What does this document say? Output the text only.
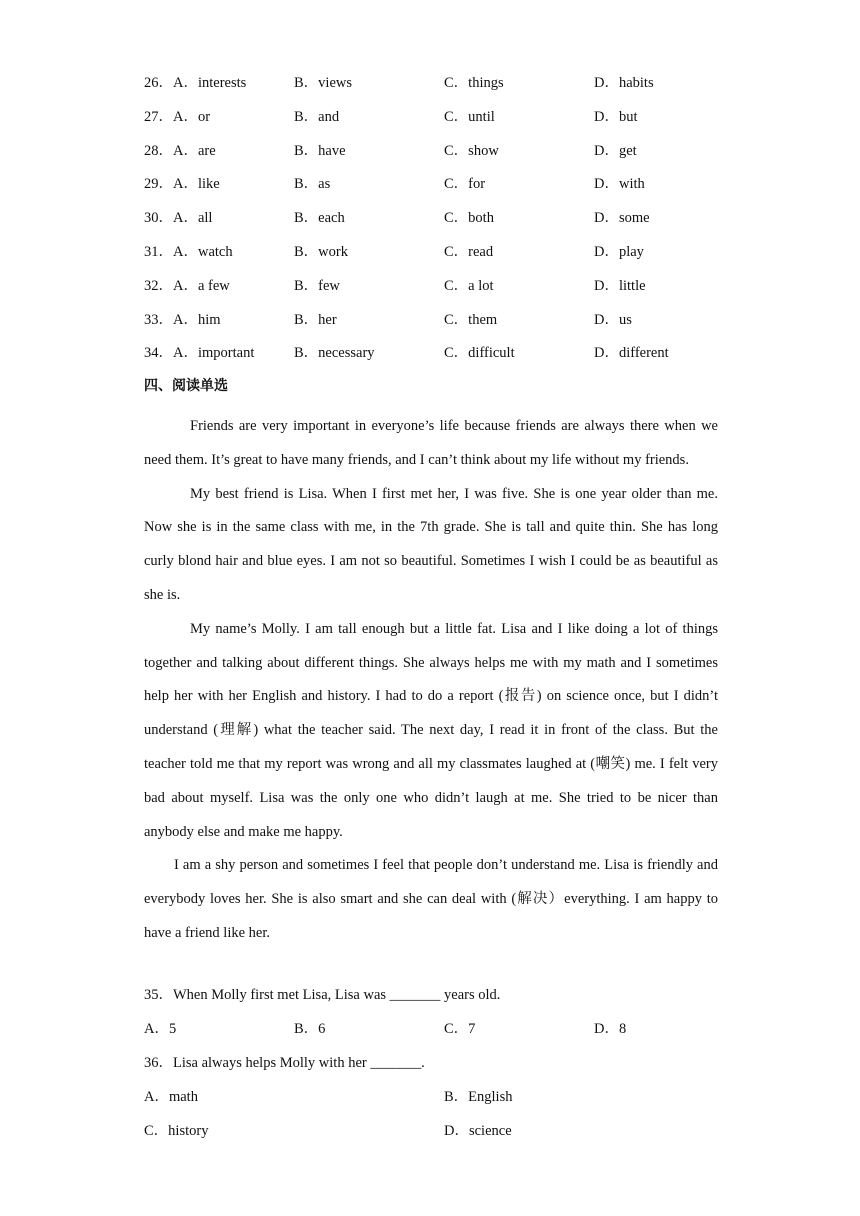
26．A．interests	B．views	C．things	D．habits
27．A．or	B．and	C．until	D．but
28．A．are	B．have	C．show	D．get
29．A．like	B．as	C．for	D．with
30．A．all	B．each	C．both	D．some
31．A．watch	B．work	C．read	D．play
32．A．a few	B．few	C．a lot	D．little
33．A．him	B．her	C．them	D．us
34．A．important	B．necessary	C．difficult	D．different
四、阅读单选

Friends are very important in everyone’s life because friends are always there when we need them. It’s great to have many friends, and I can’t think about my life without my friends.

My best friend is Lisa. When I first met her, I was five. She is one year older than me. Now she is in the same class with me, in the 7th grade. She is tall and quite thin. She has long curly blond hair and blue eyes. I am not so beautiful. Sometimes I wish I could be as beautiful as she is.

My name’s Molly. I am tall enough but a little fat. Lisa and I like doing a lot of things together and talking about different things. She always helps me with my math and I sometimes help her with her English and history. I had to do a report (报告) on science once, but I didn’t understand (理解) what the teacher said. The next day, I read it in front of the class. But the teacher told me that my report was wrong and all my classmates laughed at (嘲笑) me. I felt very bad about myself. Lisa was the only one who didn’t laugh at me. She tried to be nicer than anybody else and make me happy.

I am a shy person and sometimes I feel that people don’t understand me. Lisa is friendly and everybody loves her. She is also smart and she can deal with (解决）everything. I am happy to have a friend like her.

35．When Molly first met Lisa, Lisa was _______ years old.
A．5	B．6	C．7	D．8
36．Lisa always helps Molly with her _______.
A．math	B．English
C．history	D．science
